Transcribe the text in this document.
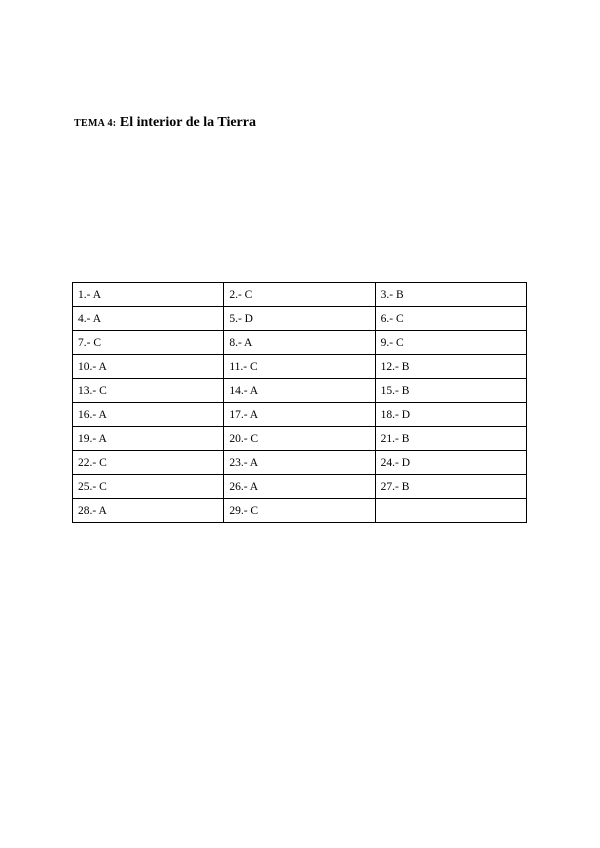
TEMA 4: El interior de la Tierra
1.- A	2.- C	3.- B
4.- A	5.- D	6.- C
7.- C	8.- A	9.- C
10.- A	11.- C	12.- B
13.- C	14.- A	15.- B
16.- A	17.- A	18.- D
19.- A	20.- C	21.- B
22.- C	23.- A	24.- D
25.- C	26.- A	27.- B
28.- A	29.- C	
